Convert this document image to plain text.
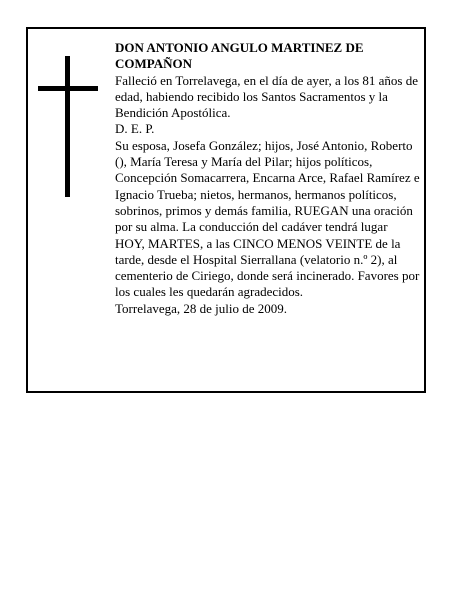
DON ANTONIO ANGULO MARTINEZ DE COMPAÑON

Falleció en Torrelavega, en el día de ayer, a los 81 años de edad, habiendo recibido los Santos Sacramentos y la Bendición Apostólica.

D. E. P.

Su esposa, Josefa González; hijos, José Antonio, Roberto (), María Teresa y María del Pilar; hijos políticos, Concepción Somacarrera, Encarna Arce, Rafael Ramírez e Ignacio Trueba; nietos, hermanos, hermanos políticos, sobrinos, primos y demás familia, RUEGAN una oración por su alma. La conducción del cadáver tendrá lugar HOY, MARTES, a las CINCO MENOS VEINTE de la tarde, desde el Hospital Sierrallana (velatorio n.º 2), al cementerio de Ciriego, donde será incinerado. Favores por los cuales les quedarán agradecidos.

Torrelavega, 28 de julio de 2009.
